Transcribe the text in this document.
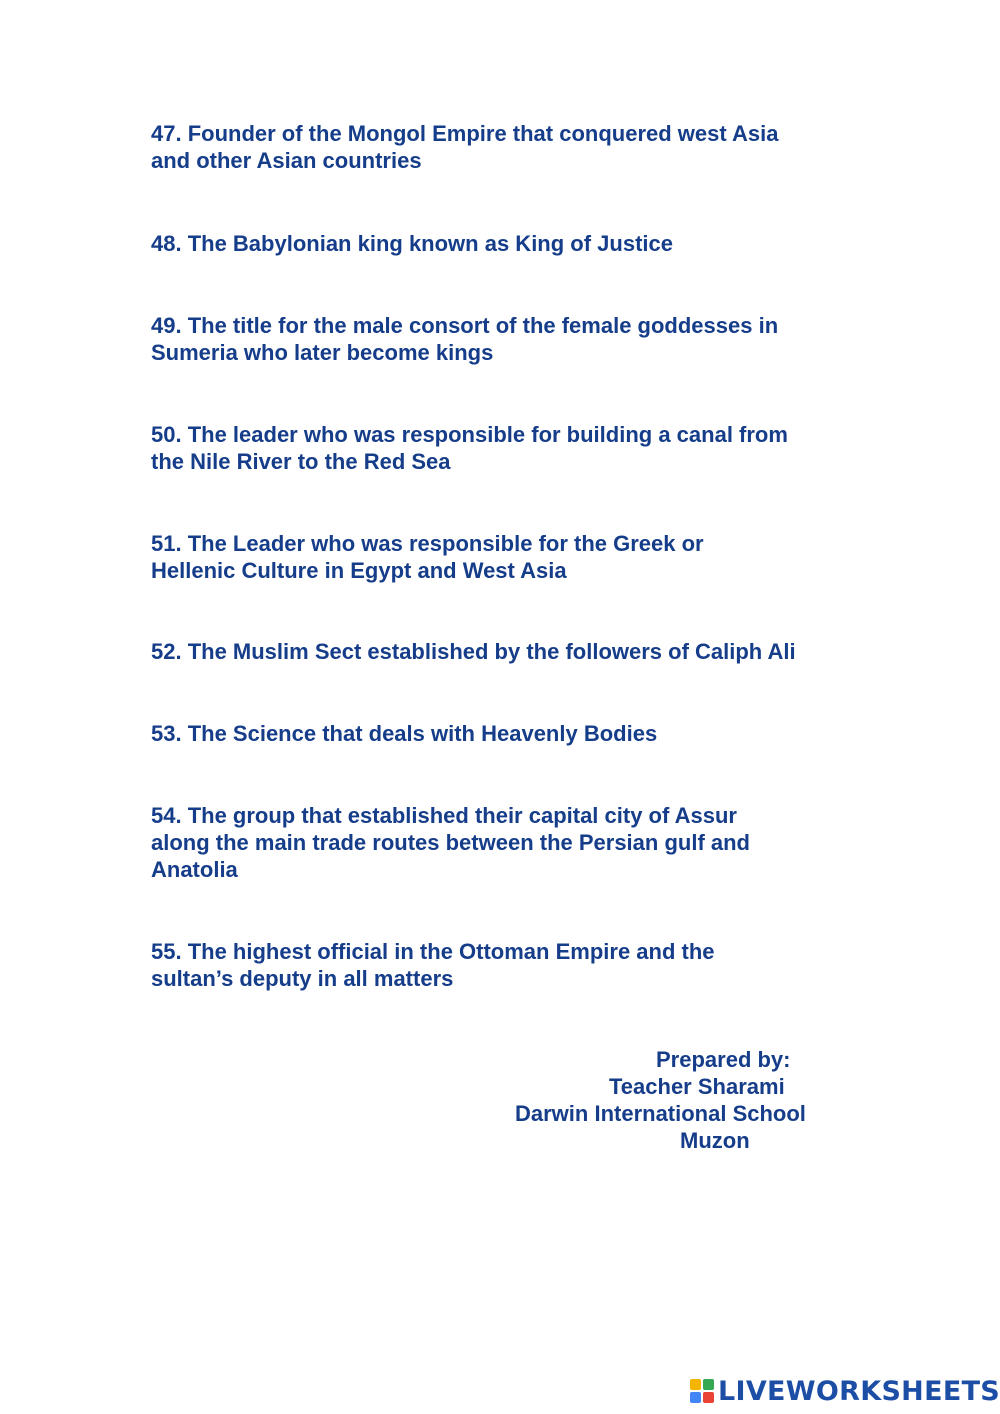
47. Founder of the Mongol Empire that conquered west Asia
and other Asian countries

48. The Babylonian king known as King of Justice

49. The title for the male consort of the female goddesses in
Sumeria who later become kings

50. The leader who was responsible for building a canal from
the Nile River to the Red Sea

51. The Leader who was responsible for the Greek or
Hellenic Culture in Egypt and West Asia

52. The Muslim Sect established by the followers of Caliph Ali

53. The Science that deals with Heavenly Bodies

54. The group that established their capital city of Assur
along the main trade routes between the Persian gulf and
Anatolia

55. The highest official in the Ottoman Empire and the
sultan’s deputy in all matters

Prepared by:

Teacher Sharami

Darwin International School

Muzon

LIVEWORKSHEETS
